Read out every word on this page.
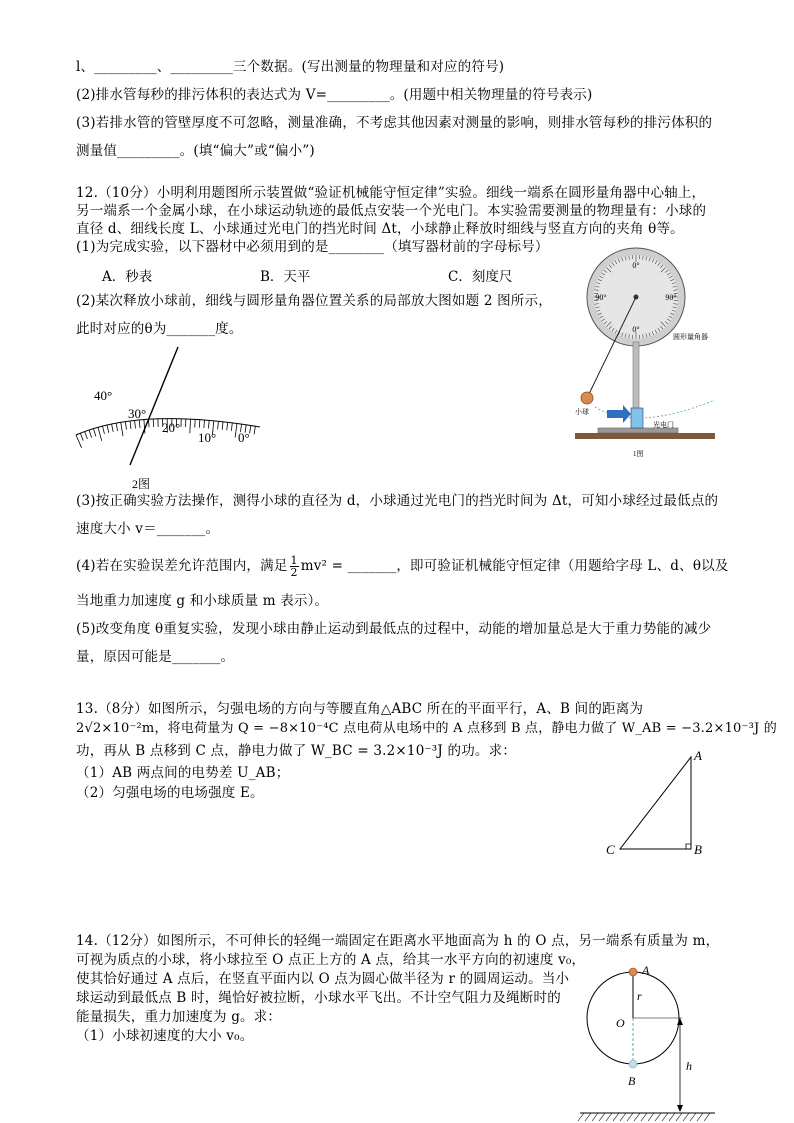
l、_________、_________三个数据。(写出测量的物理量和对应的符号)
(2)排水管每秒的排污体积的表达式为 V=_________。(用题中相关物理量的符号表示)
(3)若排水管的管壁厚度不可忽略，测量准确，不考虑其他因素对测量的影响，则排水管每秒的排污体积的
测量值_________。(填“偏大”或“偏小”)
12.（10分）小明利用题图所示装置做“验证机械能守恒定律”实验。细线一端系在圆形量角器中心轴上，
另一端系一个金属小球，在小球运动轨迹的最低点安装一个光电门。本实验需要测量的物理量有：小球的
直径 d、细线长度 L、小球通过光电门的挡光时间 Δt，小球静止释放时细线与竖直方向的夹角 θ等。
(1)为完成实验，以下器材中必须用到的是________（填写器材前的字母标号）
A．秒表	B．天平	C．刻度尺
(2)某次释放小球前，细线与圆形量角器位置关系的局部放大图如题 2 图所示，
此时对应的θ为_______度。
0°
90°	90°
0°
圆形量角器
小球
光电门
1图
40°
30°
20°
10° 0°
2图
(3)按正确实验方法操作，测得小球的直径为 d，小球通过光电门的挡光时间为 Δt，可知小球经过最低点的
速度大小 v＝_______。
(4)若在实验误差允许范围内，满足 $\frac{1}{2} mv^2$ = _______，即可验证机械能守恒定律（用题给字母 L、d、θ以及
当地重力加速度 g 和小球质量 m 表示）。
(5)改变角度 θ重复实验，发现小球由静止运动到最低点的过程中，动能的增加量总是大于重力势能的减少
量，原因可能是_______。
13.（8分）如图所示，匀强电场的方向与等腰直角△ABC 所在的平面平行，A、B 间的距离为
2√2×10⁻²m，将电荷量为 Q = −8×10⁻⁴C 点电荷从电场中的 A 点移到 B 点，静电力做了 W_AB = −3.2×10⁻³J 的
功，再从 B 点移到 C 点，静电力做了 W_BC = 3.2×10⁻³J 的功。求：
（1）AB 两点间的电势差 U_AB；
（2）匀强电场的电场强度 E。
A
B
C
14.（12分）如图所示，不可伸长的轻绳一端固定在距离水平地面高为 h 的 O 点，另一端系有质量为 m，
可视为质点的小球，将小球拉至 O 点正上方的 A 点，给其一水平方向的初速度 v₀，
使其恰好通过 A 点后，在竖直平面内以 O 点为圆心做半径为 r 的圆周运动。当小
球运动到最低点 B 时，绳恰好被拉断，小球水平飞出。不计空气阻力及绳断时的
能量损失，重力加速度为 g。求：
（1）小球初速度的大小 v₀。
A
O
r
B
h
